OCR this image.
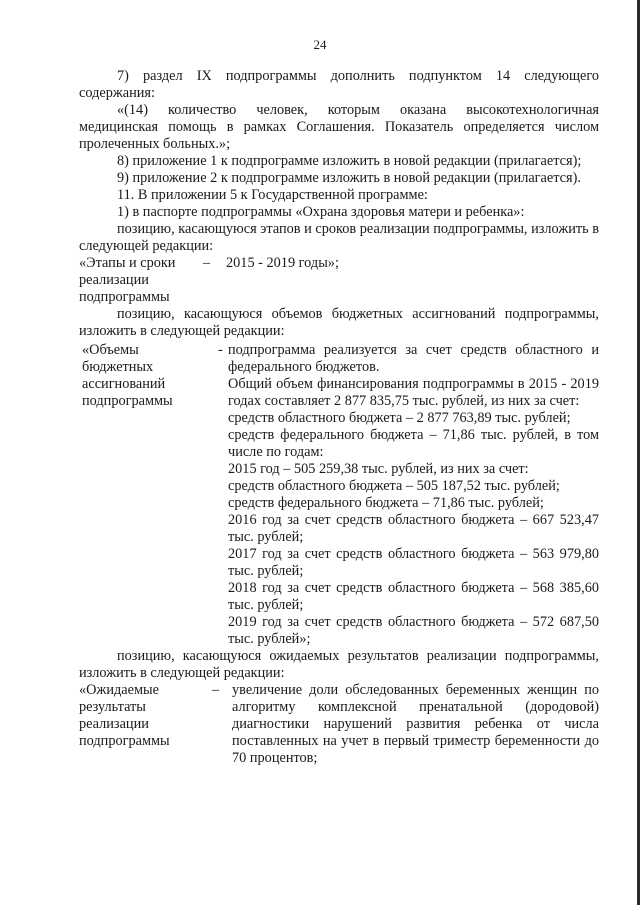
24

7) раздел IX подпрограммы дополнить подпунктом 14 следующего содержания:

«(14) количество человек, которым оказана высокотехнологичная медицинская помощь в рамках Соглашения. Показатель определяется числом пролеченных больных.»;

8) приложение 1 к подпрограмме изложить в новой редакции (прилагается);

9) приложение 2 к подпрограмме изложить в новой редакции (прилагается).

11. В приложении 5 к Государственной программе:

1) в паспорте подпрограммы «Охрана здоровья матери и ребенка»:

позицию, касающуюся этапов и сроков реализации подпрограммы, изложить в следующей редакции:

«Этапы и сроки
реализации
подпрограммы
–	2015 - 2019 годы»;

позицию, касающуюся объемов бюджетных ассигнований подпрограммы, изложить в следующей редакции:

«Объемы
бюджетных
ассигнований
подпрограммы
- подпрограмма реализуется за счет средств областного и федерального бюджетов.

Общий объем финансирования подпрограммы в 2015 - 2019 годах составляет 2 877 835,75 тыс. рублей, из них за счет:

средств областного бюджета – 2 877 763,89 тыс. рублей;

средств федерального бюджета – 71,86 тыс. рублей, в том числе по годам:

2015 год – 505 259,38 тыс. рублей, из них за счет:

средств областного бюджета – 505 187,52 тыс. рублей;

средств федерального бюджета – 71,86 тыс. рублей;

2016 год за счет средств областного бюджета – 667 523,47 тыс. рублей;

2017 год за счет средств областного бюджета – 563 979,80 тыс. рублей;

2018 год за счет средств областного бюджета – 568 385,60 тыс. рублей;

2019 год за счет средств областного бюджета – 572 687,50 тыс. рублей»;

позицию, касающуюся ожидаемых результатов реализации подпрограммы, изложить в следующей редакции:

«Ожидаемые
результаты
реализации
подпрограммы
– увеличение доли обследованных беременных женщин по алгоритму комплексной пренатальной (дородовой) диагностики нарушений развития ребенка от числа поставленных на учет в первый триместр беременности до 70 процентов;
